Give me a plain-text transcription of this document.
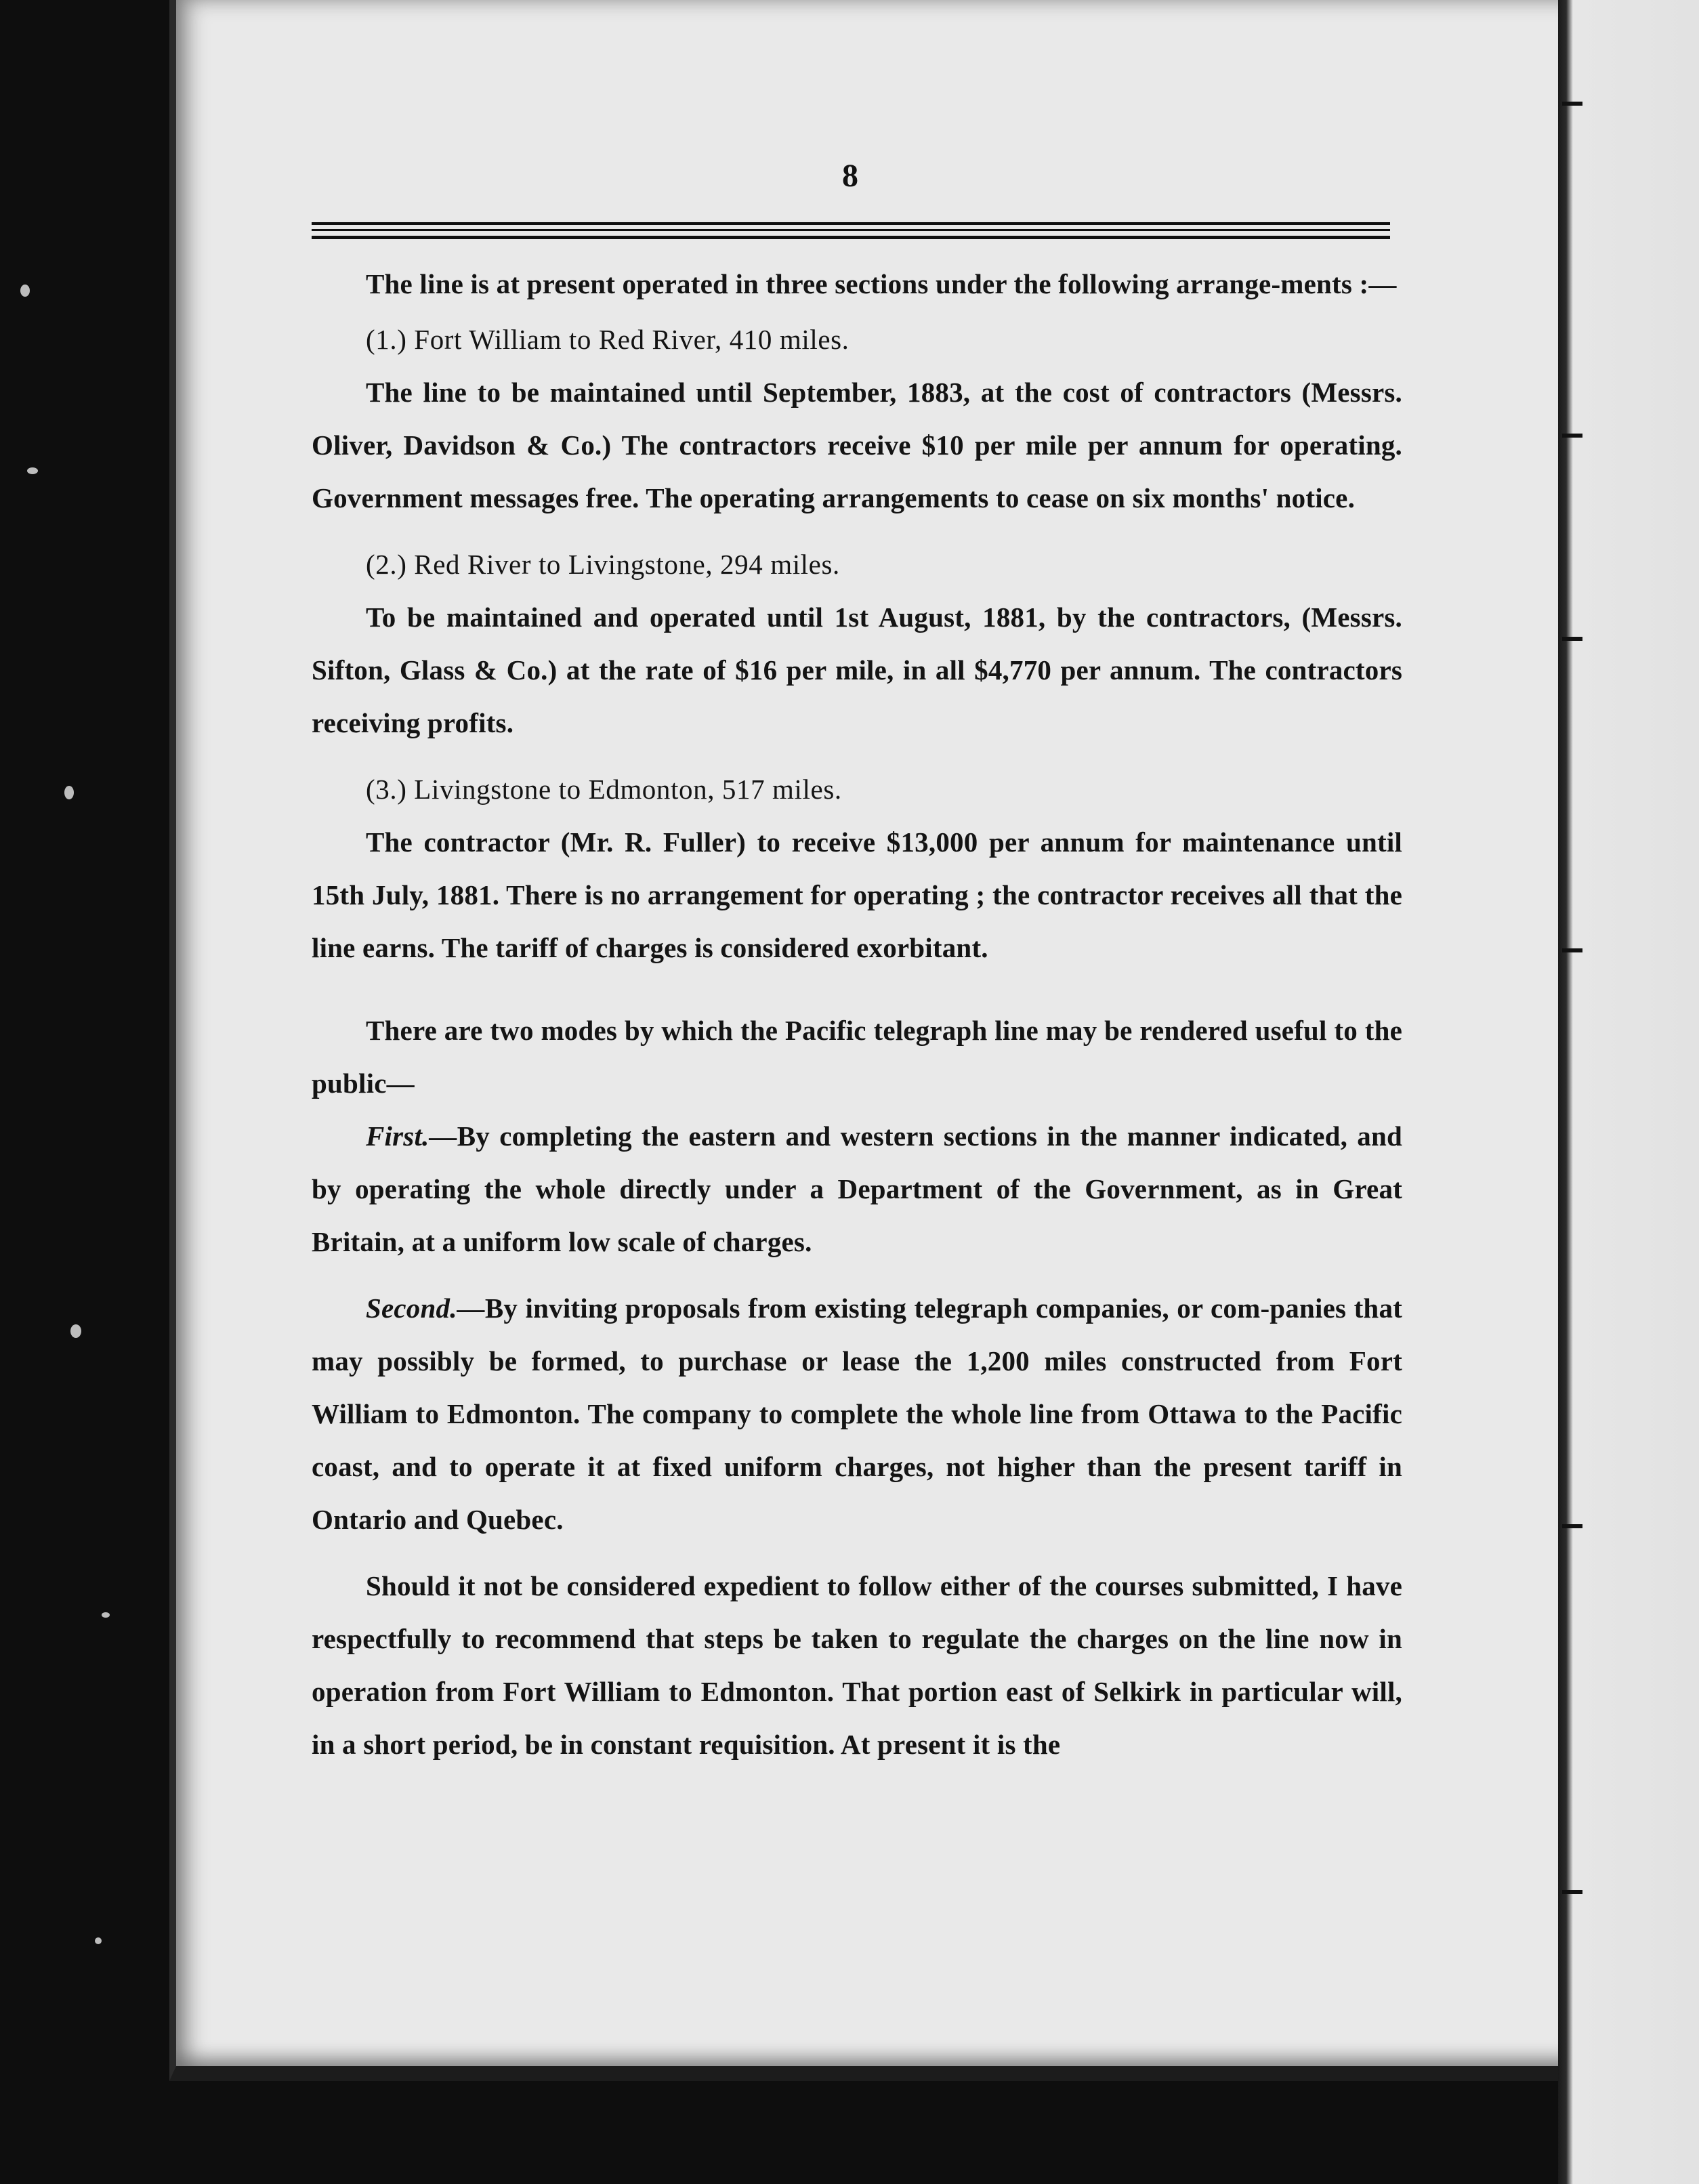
8

The line is at present operated in three sections under the following arrange-ments :—

(1.) Fort William to Red River, 410 miles.

The line to be maintained until September, 1883, at the cost of contractors (Messrs. Oliver, Davidson & Co.) The contractors receive $10 per mile per annum for operating. Government messages free. The operating arrangements to cease on six months' notice.

(2.) Red River to Livingstone, 294 miles.

To be maintained and operated until 1st August, 1881, by the contractors, (Messrs. Sifton, Glass & Co.) at the rate of $16 per mile, in all $4,770 per annum. The contractors receiving profits.

(3.) Livingstone to Edmonton, 517 miles.

The contractor (Mr. R. Fuller) to receive $13,000 per annum for maintenance until 15th July, 1881. There is no arrangement for operating ; the contractor receives all that the line earns. The tariff of charges is considered exorbitant.

There are two modes by which the Pacific telegraph line may be rendered useful to the public—

First.—By completing the eastern and western sections in the manner indicated, and by operating the whole directly under a Department of the Government, as in Great Britain, at a uniform low scale of charges.

Second.—By inviting proposals from existing telegraph companies, or com-panies that may possibly be formed, to purchase or lease the 1,200 miles constructed from Fort William to Edmonton. The company to complete the whole line from Ottawa to the Pacific coast, and to operate it at fixed uniform charges, not higher than the present tariff in Ontario and Quebec.

Should it not be considered expedient to follow either of the courses submitted, I have respectfully to recommend that steps be taken to regulate the charges on the line now in operation from Fort William to Edmonton. That portion east of Selkirk in particular will, in a short period, be in constant requisition. At present it is the
